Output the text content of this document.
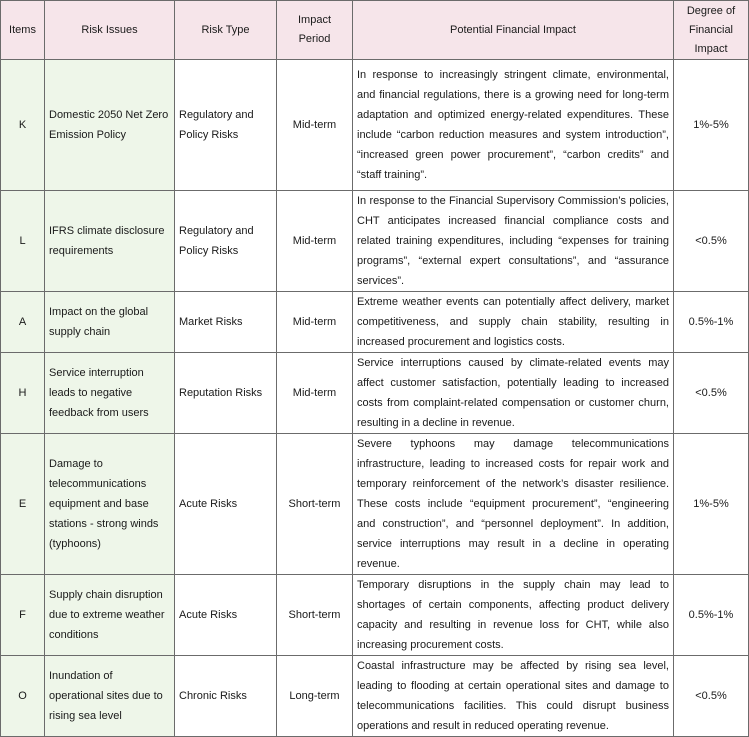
Items	Risk Issues	Risk Type	Impact Period	Potential Financial Impact	Degree of Financial Impact
K	Domestic 2050 Net Zero Emission Policy	Regulatory and Policy Risks	Mid-term	In response to increasingly stringent climate, environmental, and financial regulations, there is a growing need for long-term adaptation and optimized energy-related expenditures. These include “carbon reduction measures and system introduction”, “increased green power procurement”, “carbon credits” and “staff training”.	1%-5%
L	IFRS climate disclosure requirements	Regulatory and Policy Risks	Mid-term	In response to the Financial Supervisory Commission’s policies, CHT anticipates increased financial compliance costs and related training expenditures, including “expenses for training programs”, “external expert consultations”, and “assurance services”.	<0.5%
A	Impact on the global supply chain	Market Risks	Mid-term	Extreme weather events can potentially affect delivery, market competitiveness, and supply chain stability, resulting in increased procurement and logistics costs.	0.5%-1%
H	Service interruption leads to negative feedback from users	Reputation Risks	Mid-term	Service interruptions caused by climate-related events may affect customer satisfaction, potentially leading to increased costs from complaint-related compensation or customer churn, resulting in a decline in revenue.	<0.5%
E	Damage to telecommunications equipment and base stations - strong winds (typhoons)	Acute Risks	Short-term	Severe typhoons may damage telecommunications infrastructure, leading to increased costs for repair work and temporary reinforcement of the network’s disaster resilience. These costs include “equipment procurement”, “engineering and construction”, and “personnel deployment”. In addition, service interruptions may result in a decline in operating revenue.	1%-5%
F	Supply chain disruption due to extreme weather conditions	Acute Risks	Short-term	Temporary disruptions in the supply chain may lead to shortages of certain components, affecting product delivery capacity and resulting in revenue loss for CHT, while also increasing procurement costs.	0.5%-1%
O	Inundation of operational sites due to rising sea level	Chronic Risks	Long-term	Coastal infrastructure may be affected by rising sea level, leading to flooding at certain operational sites and damage to telecommunications facilities. This could disrupt business operations and result in reduced operating revenue.	<0.5%
